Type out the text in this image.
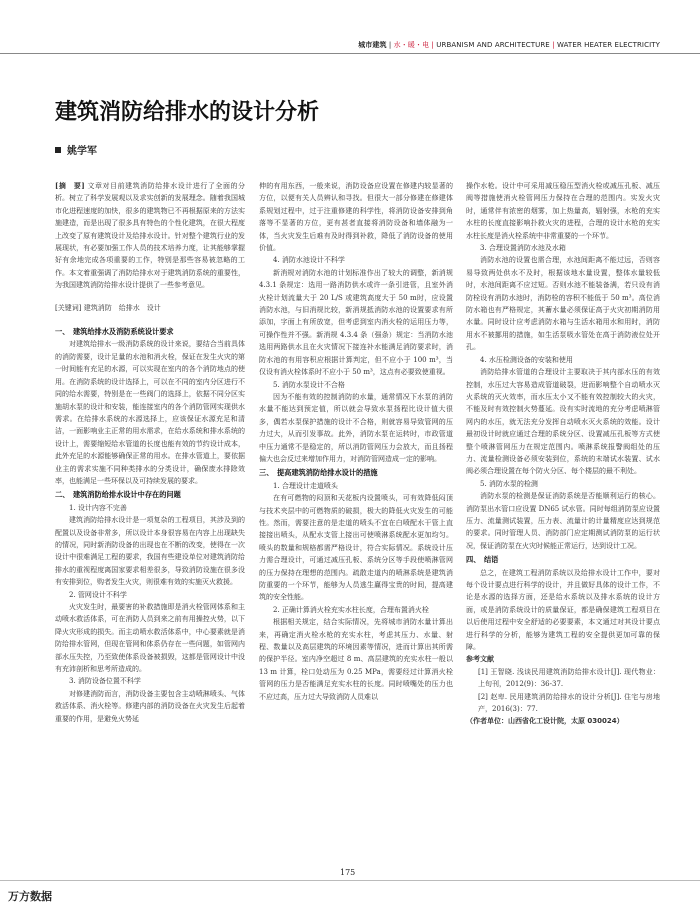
城市建筑 | 水・暖・电 | URBANISM AND ARCHITECTURE | WATER HEATER ELECTRICITY
建筑消防给排水的设计分析
姚学军

[摘　要] 文章对目前建筑消防给排水设计进行了全面的分析。树立了科学发展观以及求实创新的发展理念。随着我国城市化进程速度的加快，很多的建筑物已不再根据原来的方法实施建造，而是出现了很多具有特色的个性化建筑，在很大程度上改变了原有建筑设计及给排水设计。针对整个建筑行业的发展现状，有必要加强工作人员的技术培养力度，让其能够掌握好有余地完成各项重要的工作，特别是那些容易被忽略的工作。本文着重强调了消防给排水对于建筑消防系统的重要性，为我国建筑消防给排水设计提供了一些参考意见。

[关键词] 建筑消防　给排水　设计

一、　建筑给排水及消防系统设计要求

对建筑给排水一级消防系统的设计来说，要结合当前具体的消防需要，设计足量的水池和消火栓，保证在发生火灾的第一时间能有充足的水源，可以实现在室内的各个消防地点的使用。在消防系统的设计选择上，可以在不同的室内分区进行不同的给水需要，特别是在一些阀门的选择上，依据不同分区实施胡水泵的设计和安装，能连接室内的各个消防管网实现供水需求。在给排水系统的水源选择上，应该保证水源充足和清洁，一面影响业主正常的用水需求，在给水系统和排水系统的设计上，需要缩短给水管道的长度也能有效的节约设计成本，此外充足的水源能够确保正常的用水。在排水管道上，要依据业主的需求实施不同种类排水的分类设计，确保废水排除效率，也能满足一些环保以及可持续发展的要求。

二、　建筑消防给排水设计中存在的问题
1. 设计内容不完善

建筑消防给排水设计是一项复杂的工程项目，其涉及到的配置以及设备非常多，所以设计本身很容易在内容上出现缺失的情况，同时新消防设备的出现也在不断的改变，使得在一次设计中很难满足工程的要求，我国有些建设单位对建筑消防给排水的重视程度离国家要求相差很多，导致消防设施在很多没有安排到位，购者发生火灾，则很难有效的实施灭火救援。

2. 管网设计不科学

火灾发生时，最要害的补救措施即是消火栓管网体系和主动喷水救活体系，可在消防人员到来之前有用操控火势，以下降火灾形成的损失。而主动喷水救活体系中，中心要素就是消防给排水管网，但现在管网和体系仍存在一些问题，如管网内部水压失控，乃至致使体系设备被损毁，这都是管网设计中没有充沛剖析和思考所造成的。

3. 消防设备位置不科学

对修建消防而言，消防设备主要包含主动喷淋喷头、气体救活体系、消火栓等。修建内部的消防设备在火灾发生后起着重要的作用，是避免火势延

伸的有用东西，一般来说，消防设备应设置在修建内较显著的方位，以便有关人员辨认和寻找。但很大一部分修建在修建体系规划过程中，过于注重修建的科学性，将消防设备安排到角落等不显著的方位，更有甚者直接将消防设备和墙体融为一体，当火灾发生后难有及时得到补救，降低了消防设备的使用价值。

4. 消防水池设计不科学

新消规对消防水池的计划标准作出了较大的调整，新消规 4.3.1 条规定：选用一路消防供水或许一条引进管，且室外消火栓计划流量大于 20 L/S 或建筑高度大于 50 m时，应设置消防水池，与旧消规比较，新消规抵消防水池的设置要求有所添加，字面上有所放宽，但考虑到室内消火栓的运用压力等，可操作性并不强。新消规 4.3.4 条（强条）规定：当消防水池选用两路供水且在火灾情况下接连补水能满足消防要求时，消防水池的有用容积应根据计算判定，但不应小于 100 m³，当仅设有消火栓体系时不应小于 50 m³，这点有必要致使重视。

5. 消防水泵设计不合格

因为不能有效的控制消防的水量，通常情况下水泵的消防水量不能达到预定值，所以就会导致水泵扬程比设计值大很多，偶若水泵保护措施的设计不合格，则就容易导致管网的压力过大，从而引发事故。此外，消防水泵在运转时，市政管道中压力通常不是稳定的，所以消防管网压力会放大，而且扬程偏大也会反过来增加作用力，对消防管网造成一定的影响。

三、　提高建筑消防给排水设计的措施
1. 合理设计走道喷头

在有可燃物的闷顶和天花板内设置喷头，可有效降低闷顶与技术夹层中的可燃物质的破损，极大的降低火灾发生的可能性。然而，需要注意的是走道的喷头不宜在白喷配水干管上直接接出喷头，从配水支管上接出可使喷淋系统配水更加均匀。喷头的数量和规格都需严格设计，符合实际情况。系统设计压力需合理设计，可通过减压孔板、系统分区等手段使喷淋管网的压力保持在理想的范围内。疏散走道内的喷淋系统是建筑消防重要的一个环节，能够为人员逃生赢得宝贵的时间，提高建筑的安全性能。

2. 正确计算消火栓充实水柱长度，合理布置消火栓

根据相关规定，结合实际情况，先将城市消防水量计算出来，再确定消火栓水枪的充实水柱，考虑其压力、水量、射程、数量以及高层建筑的环境因素等情况，进而计算出其所需的保护半径。室内净空超过 8 m、高层建筑的充实水柱一般以 13 m 计算，栓口处动压为 0.25 MPa，需要经过计算消火栓管网的压力是否能满足充实水柱的长度。同时喷嘴处的压力也不应过高，压力过大导致消防人员难以

操作水枪。设计中可采用减压稳压型消火栓或减压孔板、减压阀等措施使消火栓管网压力保持在合理的范围内。实发火灾时，通常伴有浓密的烟雾，加上热量高，辐射强，水枪的充实水柱的长度直接影响扑救火灾的进程，合理的设计水枪的充实水柱长度是消火栓系统中非常重要的一个环节。

3. 合理设置消防水池及水箱

消防水池的设置也需合理，水池间距离不能过远，否则容易导致两处供水不及时，根据该地水量设置，整体水量较低时，水池间距离不应过短。否则水池不能装备满，若只设有消防栓设有消防水池时，消防栓的容积不能低于 50 m³。高位消防水箱也有严格规定，其蓄水量必须保证高于火灾初期消防用水量。同时设计应考虑消防水箱与生活水箱用水和用时，消防用水不被挪用的措施，如生活泵吸水管处在高于消防液位处开孔。

4. 水压检测设备的安装和使用

消防给排水管道的合理设计主要取决于其内部水压的有效控制，水压过大容易造成管道破裂，进而影响整个自动喷水灭火系统的灭火效率，而水压太小又不能有效控制较大的火灾，不能及时有效控制火势蔓延。设有实时流地的充分考虑喷淋管网内的水压，就无法充分发挥自动喷水灭火系统的效能。设计最初设计时就应通过合理的系统分区、设置减压孔板等方式使整个喷淋管网压力在规定范围内。喷淋系统报警阀组处的压力、流量检测设备必须安装到位，系统的末端试水装置、试水阀必须合理设置在每个防火分区、每个楼层的最不利处。

5. 消防水泵的检测

消防水泵的检测是保证消防系统是否能顺利运行的核心。消防泵出水管口应设置 DN65 试水管。同时每组消防泵应设置压力、流量测试装置，压力表、流量计的计量精度应达到规范的要求。同时管理人员、消防部门应定期测试消防泵的运行状况，保证消防泵在火灾时候能正常运行，达到设计工况。

四、　结语

总之，在建筑工程消防系统以及给排水设计工作中，要对每个设计要点进行科学的设计，并且做好具体的设计工作，不论是水源的选择方面，还是给水系统以及排水系统的设计方面，或是消防系统设计的质量保证，都是确保建筑工程项目在以后使用过程中安全舒适的必要要素，本文通过对其设计要点进行科学的分析，能够为建筑工程的安全提供更加可靠的保障。

参考文献

[1] 王智晓. 浅谈民用建筑消防给排水设计[J]. 现代物业：上旬刊，2012(9)：36-37.

[2] 赵卑. 民用建筑消防给排水的设计分析[J]. 住宅与房地产，2016(3)：77.

（作者单位：山西省化工设计院，太原 030024）

175
万方数据
